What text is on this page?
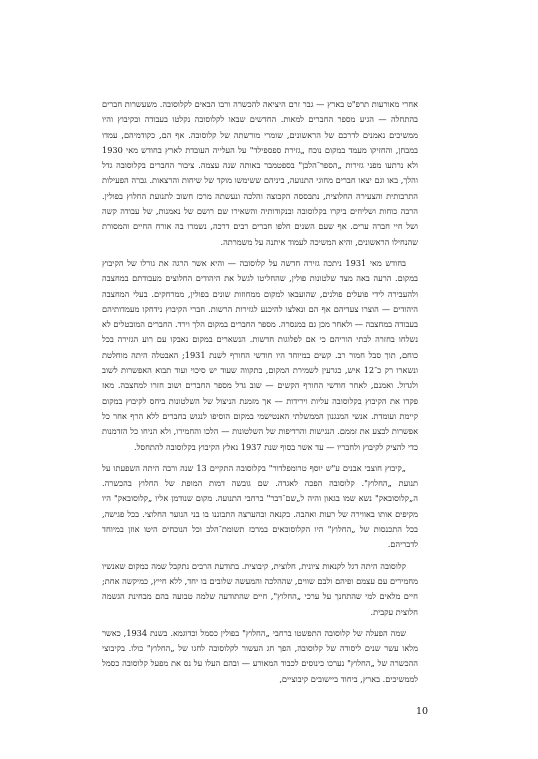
אחרי מאורעות תרפ"ט בארץ — גבר זרם היציאה להכשרה ורבו הבאים לקלוסובה. משעשרות חברים בהתחלה — הגיע מספר החברים למאות. החדשים שבאו לקלוסובה נקלטו בעבודה ובקיבוץ והיו ממשיכים נאמנים לדרכם של הראשונים, שומרי מורשתה של קלוסובה. אף הם, כקודמיהם, עמדו במבחן, והחזיקו מעמד במקום נוכח „גזירת ספספילד" על העלייה העובדת לארץ בחודש מאי 1930 ולא נרתעו מפני גזירות „הספר־הלבן" בספטמבר באותה שנה עצמה. ציבור החברים בקלוסובה גדל והלך, באו וגם יצאו חברים מחוגי התנועה, ביניהם ששימשו מוקד של שיחות והרצאות. גברה הפעילות התרבותית והצעירה החלוצית, נתבססה הקבוצה והלכה ונעשתה מרכז חשוב לתנועת החלוץ בפולין. הרבה כוחות ושליחים ביקרו בקלוסובה ובנקודותיה והשאירו שם רושם של נאמנות, של עבודה קשה ושל חיי חברה ערים. אף שעם השנים חלפו חברים רבים דרכה, נשמרו בה אורח החיים והמסורת שהנחילו הראשונים, והיא המשיכה לעמוד איתנה על משמרתה.

בחודש מאי 1931 ניתכה גזירה חדשה על קלוסובה — והיא אשר הרגה את גורלו של הקיבוץ במקום. הרעה באה מצד שלטונות פולין, שהחליטו לגשל את היהודים החלוצים מעבודתם במחצבה ולהעבירה לידי פועלים פולנים, שהועבאו למקום ממחוזות שונים בפולין, ממרחקים. בעלי המחצבה היהודים — הוצרו צעדיהם אף הם ונאלצו להיכנע לגזירות הרשות. חברי הקיבוץ נידחקו מעמדותיהם בעבודה במחצבה — ולאחר מכן גם במנסרה. מספר החברים במקום הלך וירד. החברים המובטלים לא נשלחו בחזרה לבתי הוריהם כי אם לפלוגות חדשות. הנשארים במקום נאבקו עם רוע הגזירה בכל כוחם, תוך סבל חמור רב. קשים במיוחד היו חודשי החורף לשנת 1931; האבטלה היתה מוחלטת ונשארו רק כ־12 איש, כגרעין לשמירת המקום, בתקווה שעוד יש סיכוי ועוד תבוא האפשרות לשוב ולגדול. ואמנם, לאחר חודשי החורף הקשים — שוב גדל מספר החברים ושוב חזרו למחצבה. מאז פקדו את הקיבוץ בקלוסובה עליות וירידות — אך מזמנת הניצול של השלטונות ביחס לקיבוץ במקום קיימת ועומדת. אנשי המנגנון הממשלתי האנטישמי במקום הוסיפו לנגוש בחברים ללא הרף אחר כל אפשרות לבצע את זממם. הנגישות והרדיפות של השלטונות — הלכו והחמירו, ולא הניחו כל הזדמנות כדי להציק לקיבוץ ולחבריו — עד אשר בסוף שנת 1937 נאלץ הקיבוץ בקלוסובה להתחסל.

„קיבוץ חוצבי אבנים ע"ש יוסף טרומפלדור" בקלוסובה התקיים 13 שנה ורבה היתה השפעתו על תנועת „החלוץ". קלוסובה הפכה לאגדה. שם גובשה דמות המופת של החלוץ בהכשרה. ה„קלוסובאק" נשא שמו בגאון והיה ל„שם־דבר" ברחבי התנועה. מקום שנודמן אליו „קלוסובאק" היו מקיפים אותו באווירה של רעות ואהבה. בקנאה ובהערצה התבוננו בו בני הנוער החלוצי. בכל פגישה, בכל התכנסות של „החלוץ" היו הקלוסובאים במרכז תשומת־הלב וכל הנוכחים היטו אוזן במיוחד לדבריהם.

קלוסובה היתה דגל לקנאות ציונית, חלוצית, קיבוצית. בתודעת הרבים נתקבל שמה כמקום שאנשיו מחמירים עם עצמם ופיהם ולבם שווים, שההלכה והמעשה שלובים בו יחד, ללא חייץ, כמיקשה אחת; חיים מלאים למי שהתחנך על ערכי „החלוץ", חיים שהתודעה שלמה טבועה בהם מבחינת הגשמה חלוצית עקבית.

שמה הפעלה של קלוסובה התפשטו ברחבי „החלוץ" בפולין כסמל וכדוגמא. בשנת 1934, כאשר מלאו עשר שנים ליסודה של קלוסובה, הפך חג העשור לקלוסובה לחגו של „החלוץ" כולו. בקיבוצי ההכשרה של „החלוץ" נערכו כינוסים לכבוד המאורע — ובהם העלו על נס את מפעל קלוסובה כסמל לממשיכים. בארץ, ביחוד ביישובים קיבוציים,

10
